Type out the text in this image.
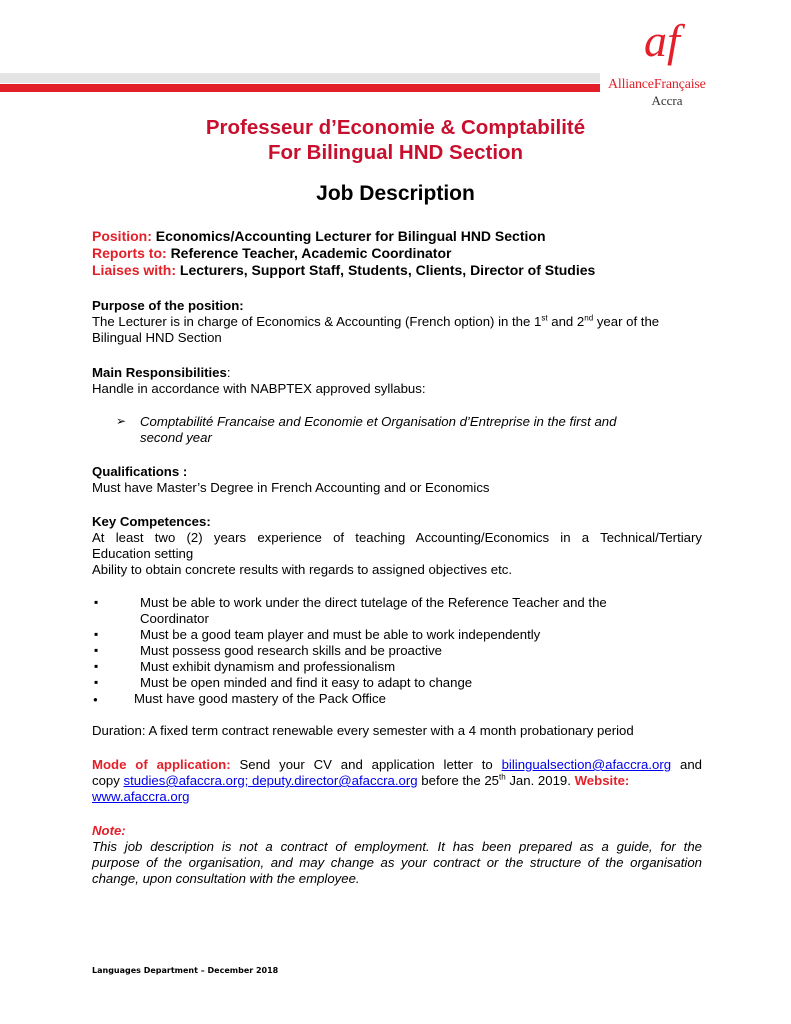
af
AllianceFrançaise
Accra
Professeur d’Economie & Comptabilité
For Bilingual HND Section
Job Description
Position: Economics/Accounting Lecturer for Bilingual HND Section
Reports to: Reference Teacher, Academic Coordinator
Liaises with: Lecturers, Support Staff, Students, Clients, Director of Studies
Purpose of the position:
The Lecturer is in charge of Economics & Accounting (French option) in the 1st and 2nd year of the
Bilingual HND Section
Main Responsibilities:
Handle in accordance with NABPTEX approved syllabus:
➢ Comptabilité Francaise and Economie et Organisation d’Entreprise in the first and
second year
Qualifications :
Must have Master’s Degree in French Accounting and or Economics
Key Competences:
At least two (2) years experience of teaching Accounting/Economics in a Technical/Tertiary
Education setting
Ability to obtain concrete results with regards to assigned objectives etc.
▪	Must be able to work under the direct tutelage of the Reference Teacher and the
Coordinator
▪	Must be a good team player and must be able to work independently
▪	Must possess good research skills and be proactive
▪	Must exhibit dynamism and professionalism
▪	Must be open minded and find it easy to adapt to change
●	Must have good mastery of the Pack Office
Duration: A fixed term contract renewable every semester with a 4 month probationary period
Mode of application: Send your CV and application letter to bilingualsection@afaccra.org and
copy studies@afaccra.org; deputy.director@afaccra.org before the 25th Jan. 2019. Website:
www.afaccra.org
Note:
This job description is not a contract of employment. It has been prepared as a guide, for the
purpose of the organisation, and may change as your contract or the structure of the organisation
change, upon consultation with the employee.
Languages Department – December 2018
